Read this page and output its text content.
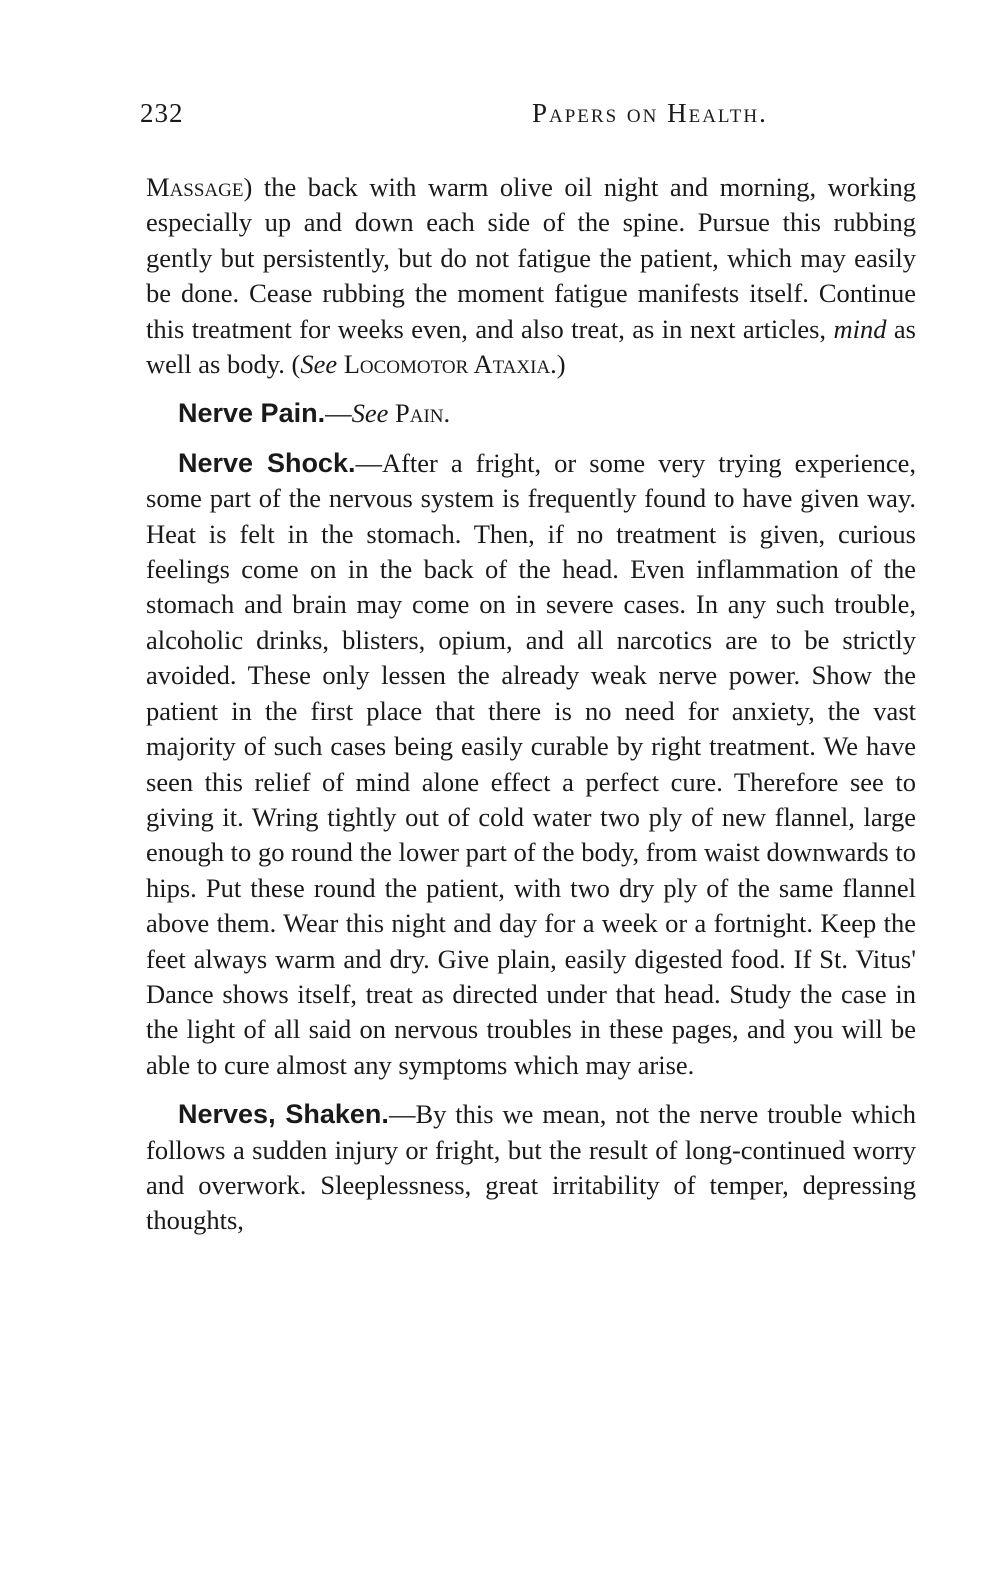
232	Papers on Health.

Massage) the back with warm olive oil night and morning, working especially up and down each side of the spine. Pursue this rubbing gently but persistently, but do not fatigue the patient, which may easily be done. Cease rubbing the moment fatigue manifests itself. Continue this treatment for weeks even, and also treat, as in next articles, mind as well as body. (See Locomotor Ataxia.)

Nerve Pain.—See Pain.

Nerve Shock.—After a fright, or some very trying experience, some part of the nervous system is frequently found to have given way. Heat is felt in the stomach. Then, if no treatment is given, curious feelings come on in the back of the head. Even inflammation of the stomach and brain may come on in severe cases. In any such trouble, alcoholic drinks, blisters, opium, and all narcotics are to be strictly avoided. These only lessen the already weak nerve power. Show the patient in the first place that there is no need for anxiety, the vast majority of such cases being easily curable by right treatment. We have seen this relief of mind alone effect a perfect cure. Therefore see to giving it. Wring tightly out of cold water two ply of new flannel, large enough to go round the lower part of the body, from waist downwards to hips. Put these round the patient, with two dry ply of the same flannel above them. Wear this night and day for a week or a fortnight. Keep the feet always warm and dry. Give plain, easily digested food. If St. Vitus' Dance shows itself, treat as directed under that head. Study the case in the light of all said on nervous troubles in these pages, and you will be able to cure almost any symptoms which may arise.

Nerves, Shaken.—By this we mean, not the nerve trouble which follows a sudden injury or fright, but the result of long-continued worry and overwork. Sleeplessness, great irritability of temper, depressing thoughts,
